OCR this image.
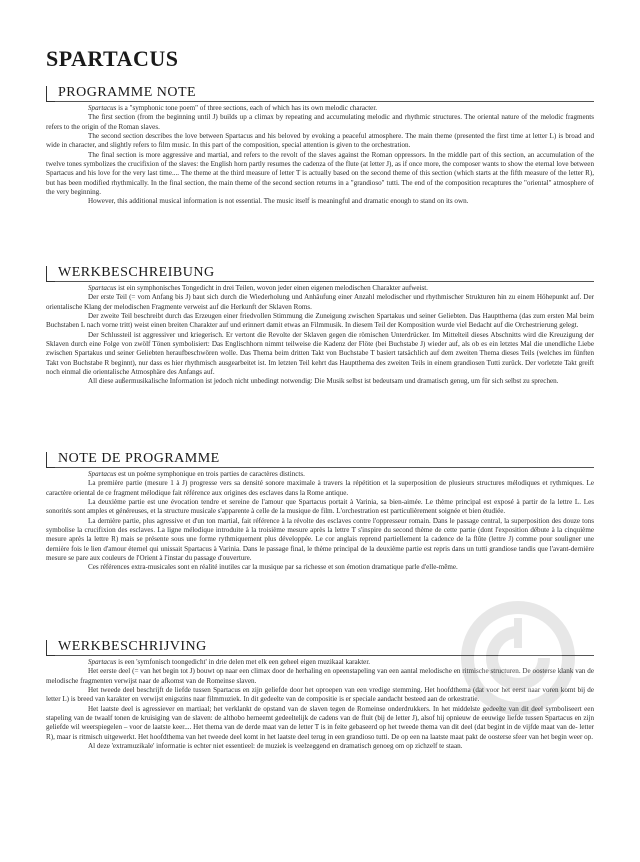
SPARTACUS
PROGRAMME NOTE

Spartacus is a "symphonic tone poem" of three sections, each of which has its own melodic character.

The first section (from the beginning until J) builds up a climax by repeating and accumulating melodic and rhythmic structures. The oriental nature of the melodic fragments refers to the origin of the Roman slaves.

The second section describes the love between Spartacus and his beloved by evoking a peaceful atmosphere. The main theme (presented the first time at letter L) is broad and wide in character, and slightly refers to film music. In this part of the composition, special attention is given to the orchestration.

The final section is more aggressive and martial, and refers to the revolt of the slaves against the Roman oppressors. In the middle part of this section, an accumulation of the twelve tones symbolizes the crucifixion of the slaves: the English horn partly resumes the cadenza of the flute (at letter J), as if once more, the composer wants to show the eternal love between Spartacus and his love for the very last time.... The theme at the third measure of letter T is actually based on the second theme of this section (which starts at the fifth measure of the letter R), but has been modified rhythmically. In the final section, the main theme of the second section returns in a "grandioso" tutti. The end of the composition recaptures the "oriental" atmosphere of the very beginning.

However, this additional musical information is not essential. The music itself is meaningful and dramatic enough to stand on its own.

WERKBESCHREIBUNG

Spartacus ist ein symphonisches Tongedicht in drei Teilen, wovon jeder einen eigenen melodischen Charakter aufweist.

Der erste Teil (= vom Anfang bis J) baut sich durch die Wiederholung und Anhäufung einer Anzahl melodischer und rhythmischer Strukturen hin zu einem Höhepunkt auf. Der orientalische Klang der melodischen Fragmente verweist auf die Herkunft der Sklaven Roms.

Der zweite Teil beschreibt durch das Erzeugen einer friedvollen Stimmung die Zuneigung zwischen Spartakus und seiner Geliebten. Das Hauptthema (das zum ersten Mal beim Buchstaben L nach vorne tritt) weist einen breiten Charakter auf und erinnert damit etwas an Filmmusik. In diesem Teil der Komposition wurde viel Bedacht auf die Orchestrierung gelegt.

Der Schlussteil ist aggressiver und kriegerisch. Er vertont die Revolte der Sklaven gegen die römischen Unterdrücker. Im Mittelteil dieses Abschnitts wird die Kreuzigung der Sklaven durch eine Folge von zwölf Tönen symbolisiert: Das Englischhorn nimmt teilweise die Kadenz der Flöte (bei Buchstabe J) wieder auf, als ob es ein letztes Mal die unendliche Liebe zwischen Spartakus und seiner Geliebten heraufbeschwören wolle. Das Thema beim dritten Takt von Buchstabe T basiert tatsächlich auf dem zweiten Thema dieses Teils (welches im fünften Takt von Buchstabe R beginnt), nur dass es hier rhythmisch ausgearbeitet ist. Im letzten Teil kehrt das Hauptthema des zweiten Teils in einem grandiosen Tutti zurück. Der vorletzte Takt greift noch einmal die orientalische Atmosphäre des Anfangs auf.

All diese außermusikalische Information ist jedoch nicht unbedingt notwendig: Die Musik selbst ist bedeutsam und dramatisch genug, um für sich selbst zu sprechen.

NOTE DE PROGRAMME

Spartacus est un poème symphonique en trois parties de caractères distincts.

La première partie (mesure 1 à J) progresse vers sa densité sonore maximale à travers la répétition et la superposition de plusieurs structures mélodiques et rythmiques. Le caractère oriental de ce fragment mélodique fait référence aux origines des esclaves dans la Rome antique.

La deuxième partie est une évocation tendre et sereine de l'amour que Spartacus portait à Varinia, sa bien-aimée. Le thème principal est exposé à partir de la lettre L. Les sonorités sont amples et généreuses, et la structure musicale s'apparente à celle de la musique de film. L'orchestration est particulièrement soignée et bien étudiée.

La dernière partie, plus agressive et d'un ton martial, fait référence à la révolte des esclaves contre l'oppresseur romain. Dans le passage central, la superposition des douze tons symbolise la crucifixion des esclaves. La ligne mélodique introduite à la troisième mesure après la lettre T s'inspire du second thème de cette partie (dont l'exposition débute à la cinquième mesure après la lettre R) mais se présente sous une forme rythmiquement plus développée. Le cor anglais reprend partiellement la cadence de la flûte (lettre J) comme pour souligner une dernière fois le lien d'amour éternel qui unissait Spartacus à Varinia. Dans le passage final, le thème principal de la deuxième partie est repris dans un tutti grandiose tandis que l'avant-dernière mesure se pare aux couleurs de l'Orient à l'instar du passage d'ouverture.

Ces références extra-musicales sont en réalité inutiles car la musique par sa richesse et son émotion dramatique parle d'elle-même.

WERKBESCHRIJVING

Spartacus is een 'symfonisch toongedicht' in drie delen met elk een geheel eigen muzikaal karakter.

Het eerste deel (= van het begin tot J) bouwt op naar een climax door de herhaling en opeenstapeling van een aantal melodische en ritmische structuren. De oosterse klank van de melodische fragmenten verwijst naar de afkomst van de Romeinse slaven.

Het tweede deel beschrijft de liefde tussen Spartacus en zijn geliefde door het oproepen van een vredige stemming. Het hoofdthema (dat voor het eerst naar voren komt bij de letter L) is breed van karakter en verwijst enigszins naar filmmuziek. In dit gedeelte van de compositie is er speciale aandacht besteed aan de orkestratie.

Het laatste deel is agressiever en martiaal; het verklankt de opstand van de slaven tegen de Romeinse onderdrukkers. In het middelste gedeelte van dit deel symboliseert een stapeling van de twaalf tonen de kruisiging van de slaven: de althobo herneemt gedeeltelijk de cadens van de fluit (bij de letter J), alsof hij opnieuw de eeuwige liefde tussen Spartacus en zijn geliefde wil weerspiegelen – voor de laatste keer.... Het thema van de derde maat van de letter T is in feite gebaseerd op het tweede thema van dit deel (dat begint in de vijfde maat van de- letter R), maar is ritmisch uitgewerkt. Het hoofdthema van het tweede deel komt in het laatste deel terug in een grandioso tutti. De op een na laatste maat pakt de oosterse sfeer van het begin weer op.

Al deze 'extramuzikale' informatie is echter niet essentieel: de muziek is veelzeggend en dramatisch genoeg om op zichzelf te staan.
